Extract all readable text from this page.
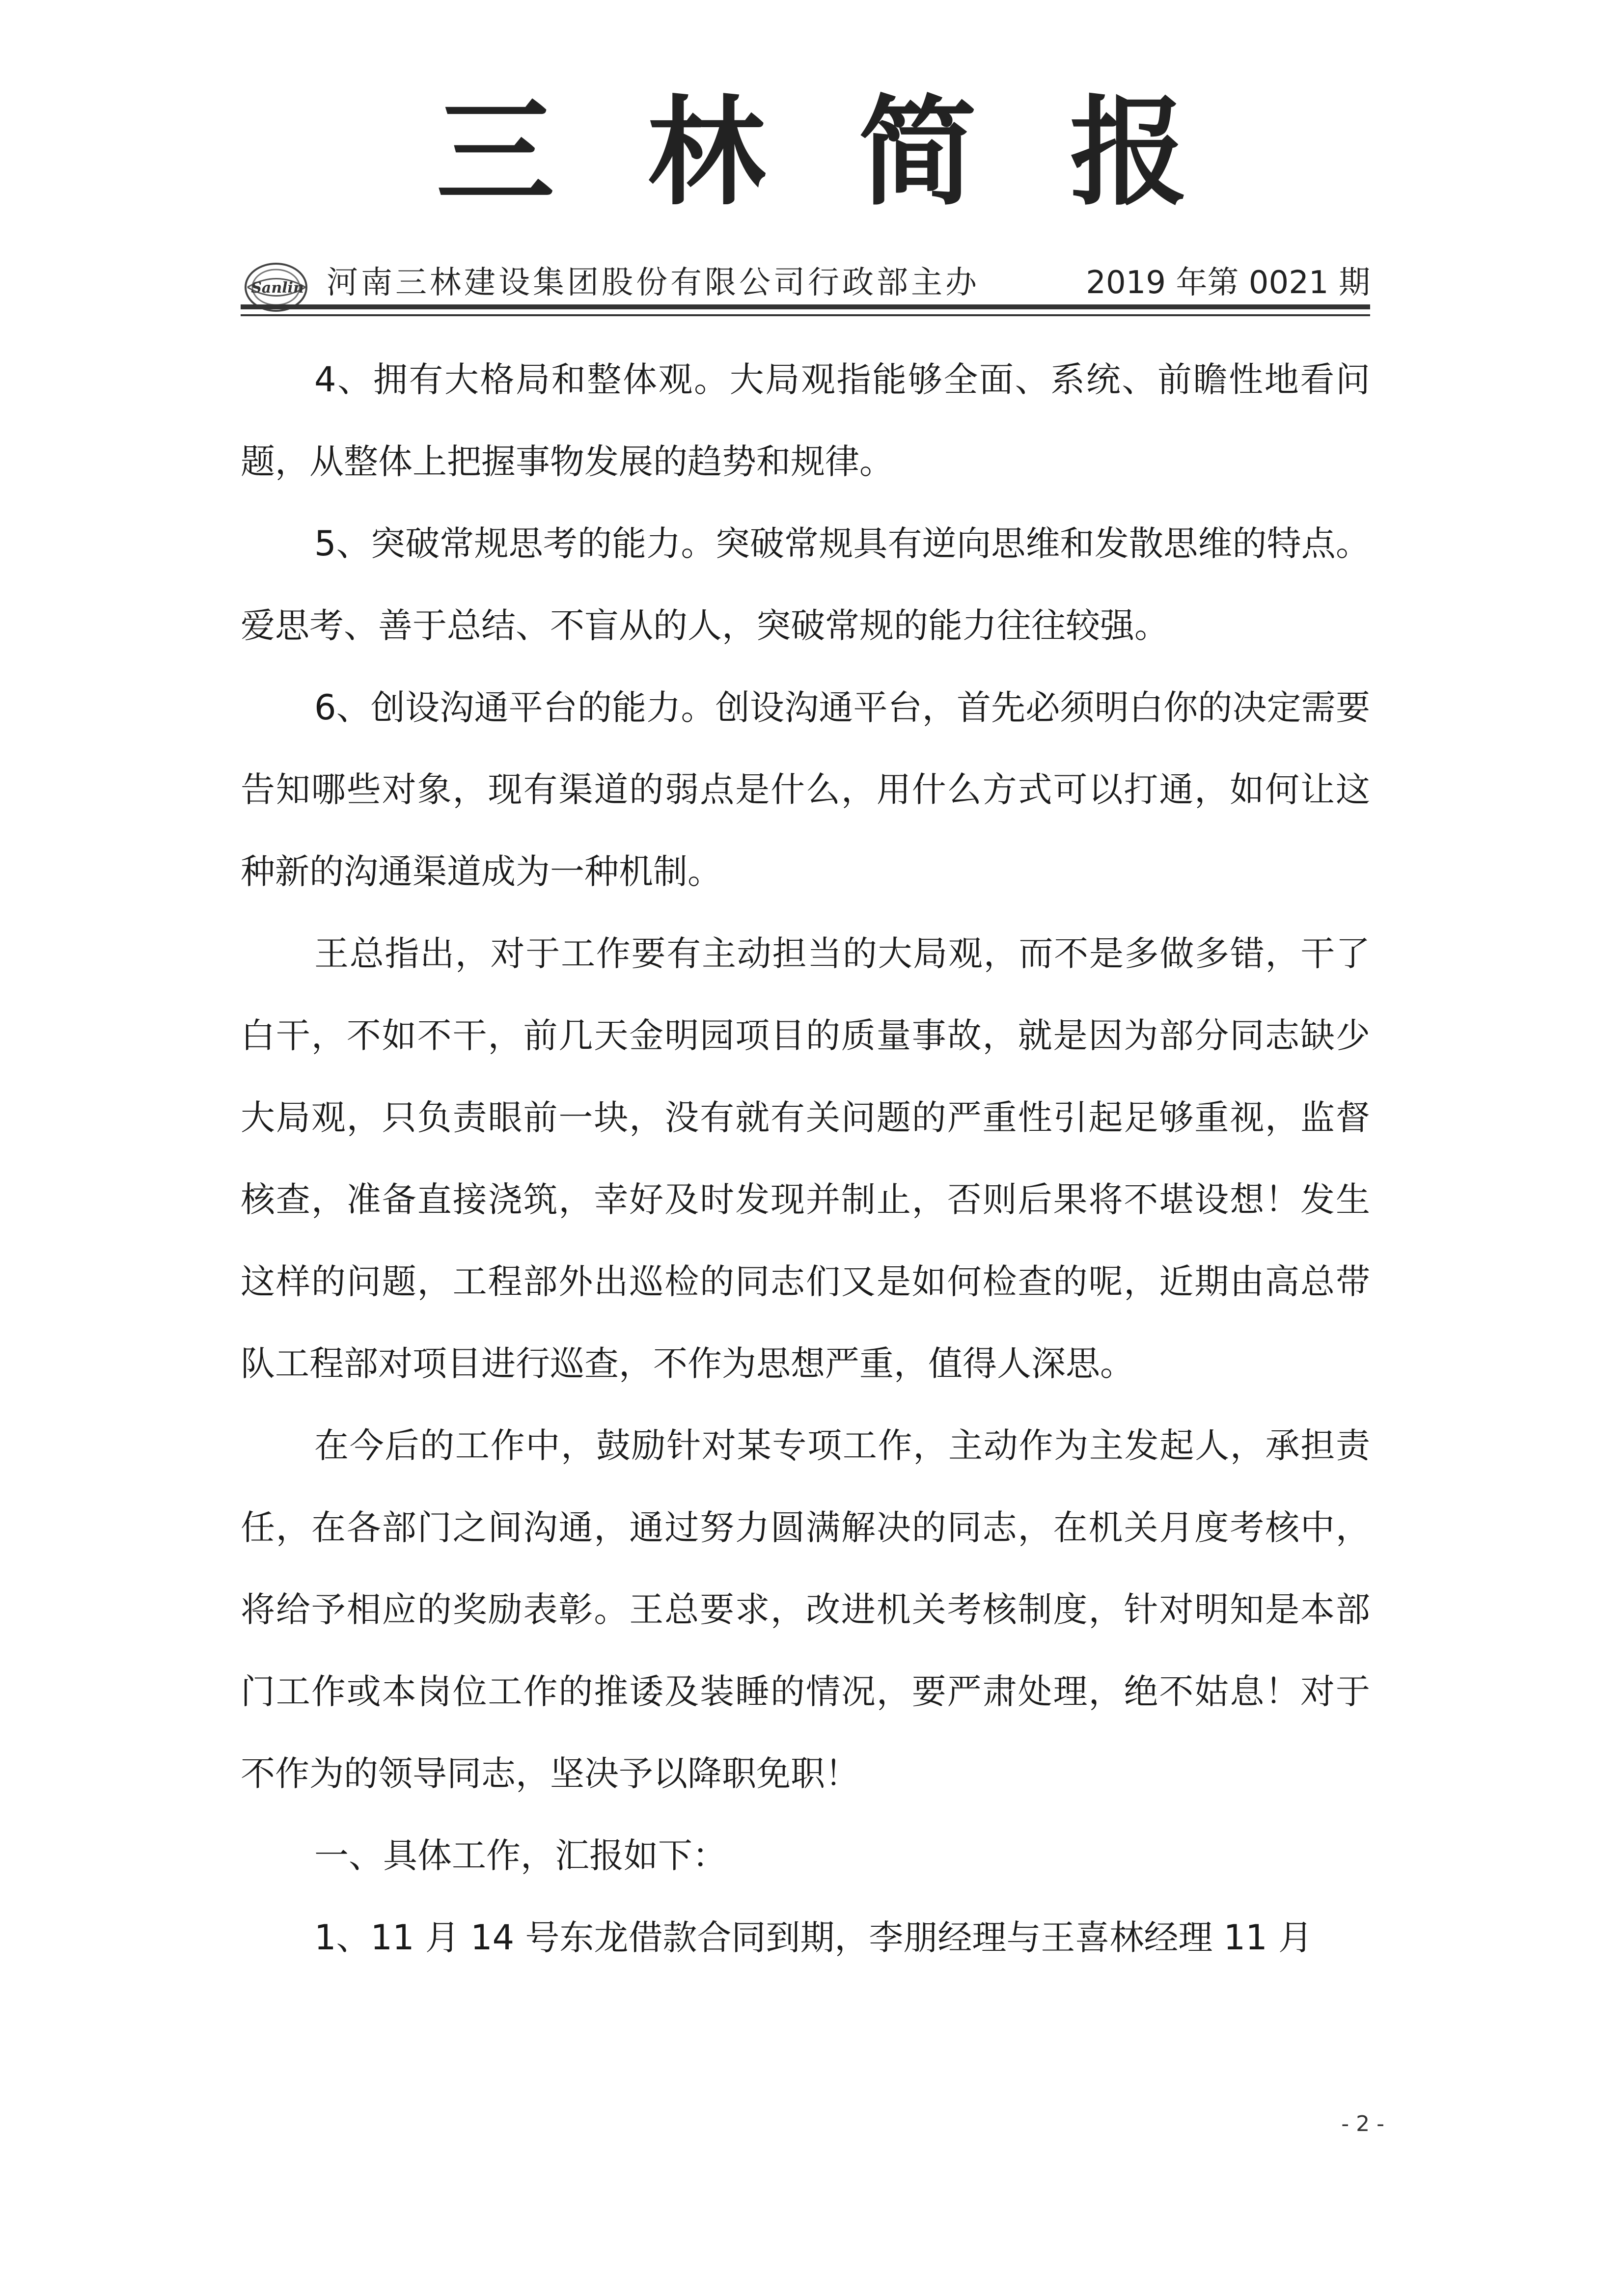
三林简报
Sanlin 河南三林建设集团股份有限公司行政部主办	2019 年第 0021 期

4、拥有大格局和整体观。大局观指能够全面、系统、前瞻性地看问题，从整体上把握事物发展的趋势和规律。

5、突破常规思考的能力。突破常规具有逆向思维和发散思维的特点。爱思考、善于总结、不盲从的人，突破常规的能力往往较强。

6、创设沟通平台的能力。创设沟通平台，首先必须明白你的决定需要告知哪些对象，现有渠道的弱点是什么，用什么方式可以打通，如何让这种新的沟通渠道成为一种机制。

王总指出，对于工作要有主动担当的大局观，而不是多做多错，干了白干，不如不干，前几天金明园项目的质量事故，就是因为部分同志缺少大局观，只负责眼前一块，没有就有关问题的严重性引起足够重视，监督核查，准备直接浇筑，幸好及时发现并制止，否则后果将不堪设想！发生这样的问题，工程部外出巡检的同志们又是如何检查的呢，近期由高总带队工程部对项目进行巡查，不作为思想严重，值得人深思。

在今后的工作中，鼓励针对某专项工作，主动作为主发起人，承担责任，在各部门之间沟通，通过努力圆满解决的同志，在机关月度考核中，将给予相应的奖励表彰。王总要求，改进机关考核制度，针对明知是本部门工作或本岗位工作的推诿及装睡的情况，要严肃处理，绝不姑息！对于不作为的领导同志，坚决予以降职免职！

一、具体工作，汇报如下：

1、11 月 14 号东龙借款合同到期，李朋经理与王喜林经理 11 月

- 2 -
